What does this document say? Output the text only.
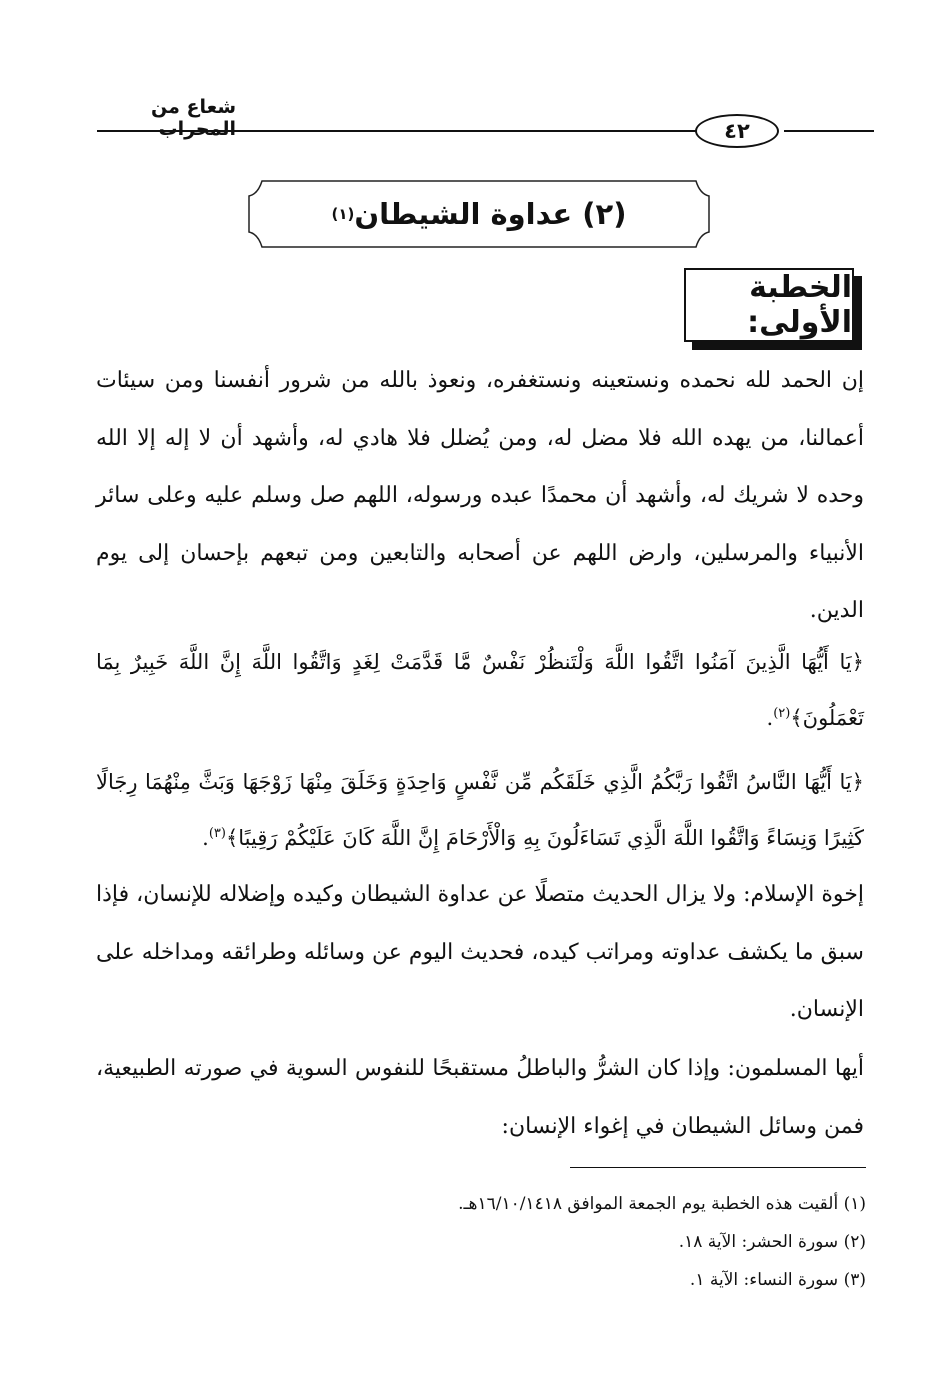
شعاع من المحراب	٤٢
(٢) عداوة الشيطان
(١)
الخطبة الأولى:
إن الحمد لله نحمده ونستعينه ونستغفره، ونعوذ بالله من شرور أنفسنا ومن سيئات أعمالنا، من يهده الله فلا مضل له، ومن يُضلل فلا هادي له، وأشهد أن لا إله إلا الله وحده لا شريك له، وأشهد أن محمدًا عبده ورسوله، اللهم صل وسلم عليه وعلى سائر الأنبياء والمرسلين، وارض اللهم عن أصحابه والتابعين ومن تبعهم بإحسان إلى يوم الدين.
﴿يَا أَيُّهَا الَّذِينَ آمَنُوا اتَّقُوا اللَّهَ وَلْتَنظُرْ نَفْسٌ مَّا قَدَّمَتْ لِغَدٍ وَاتَّقُوا اللَّهَ إِنَّ اللَّهَ خَبِيرٌ بِمَا تَعْمَلُونَ﴾$^{(٢)}$.
﴿يَا أَيُّهَا النَّاسُ اتَّقُوا رَبَّكُمُ الَّذِي خَلَقَكُم مِّن نَّفْسٍ وَاحِدَةٍ وَخَلَقَ مِنْهَا زَوْجَهَا وَبَثَّ مِنْهُمَا رِجَالًا كَثِيرًا وَنِسَاءً وَاتَّقُوا اللَّهَ الَّذِي تَسَاءَلُونَ بِهِ وَالْأَرْحَامَ إِنَّ اللَّهَ كَانَ عَلَيْكُمْ رَقِيبًا﴾$^{(٣)}$.
إخوة الإسلام: ولا يزال الحديث متصلًا عن عداوة الشيطان وكيده وإضلاله للإنسان، فإذا سبق ما يكشف عداوته ومراتب كيده، فحديث اليوم عن وسائله وطرائقه ومداخله على الإنسان.
أيها المسلمون: وإذا كان الشرُّ والباطلُ مستقبحًا للنفوس السوية في صورته الطبيعية، فمن وسائل الشيطان في إغواء الإنسان:
(١) ألقيت هذه الخطبة يوم الجمعة الموافق ١٦/١٠/١٤١٨هـ.
(٢) سورة الحشر: الآية ١٨.
(٣) سورة النساء: الآية ١.
